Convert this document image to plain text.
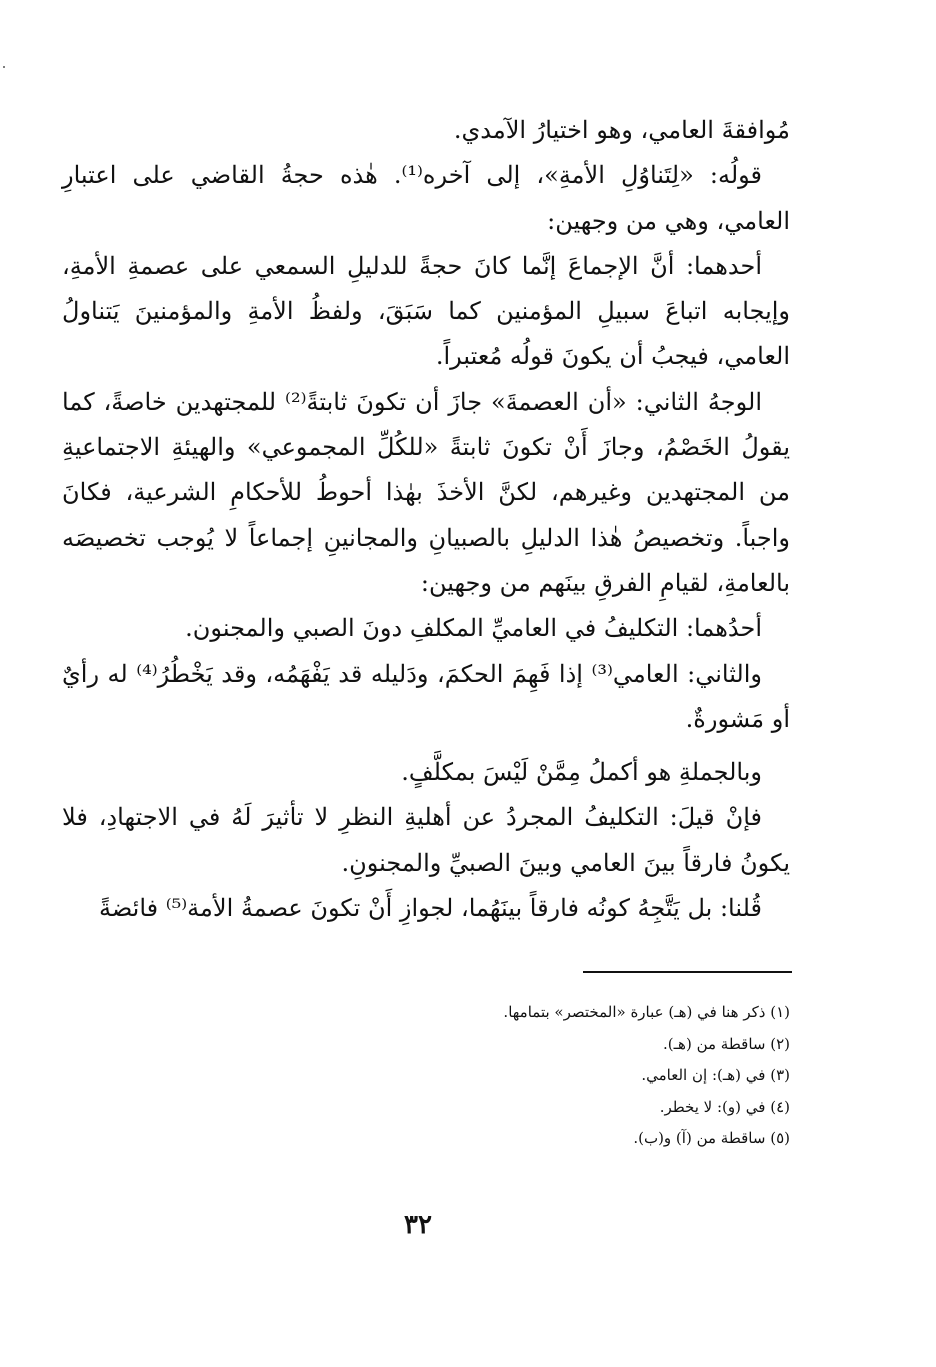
مُوافقةَ العامي، وهو اختيارُ الآمدي.

قولُه: «لِتَناوُلِ الأمةِ»، إلى آخره⁽¹⁾. هٰذه حجةُ القاضي على اعتبارِ العامي، وهي من وجهين:

أحدهما: أنَّ الإجماعَ إنَّما كانَ حجةً للدليلِ السمعي على عصمةِ الأمةِ، وإيجابه اتباعَ سبيلِ المؤمنين كما سَبَقَ، ولفظُ الأمةِ والمؤمنينَ يَتناولُ العامي، فيجبُ أن يكونَ قولُه مُعتبراً.

الوجهُ الثاني: «أن العصمةَ» جازَ أن تكونَ ثابتةً⁽²⁾ للمجتهدين خاصةً، كما يقولُ الخَصْمُ، وجازَ أَنْ تكونَ ثابتةً «للكُلِّ المجموعي» والهيئةِ الاجتماعيةِ من المجتهدين وغيرهم، لكنَّ الأخذَ بهٰذا أحوطُ للأحكامِ الشرعية، فكانَ واجباً. وتخصيصُ هٰذا الدليلِ بالصبيانِ والمجانينِ إجماعاً لا يُوجب تخصيصَه بالعامةِ، لقيامِ الفرقِ بينَهم من وجهين:

أحدُهما: التكليفُ في العاميِّ المكلفِ دونَ الصبي والمجنون.

والثاني: العامي⁽³⁾ إذا فَهِمَ الحكمَ، ودَليله قد يَفْهَمُه، وقد يَخْطُرُ⁽⁴⁾ له رأيٌ أو مَشورةٌ.

وبالجملةِ هو أكملُ مِمَّنْ لَيْسَ بمكلَّفٍ.

فإنْ قيلَ: التكليفُ المجردُ عن أهليةِ النظرِ لا تأثيرَ لَهُ في الاجتهادِ، فلا يكونُ فارقاً بينَ العامي وبينَ الصبيِّ والمجنونِ.

قُلنا: بل يَتَّجِهُ كونُه فارقاً بينَهُما، لجوازِ أَنْ تكونَ عصمةُ الأمة⁽⁵⁾ فائضةً

(١) ذكر هنا في (هـ) عبارة «المختصر» بتمامها.
(٢) ساقطة من (هـ).
(٣) في (هـ): إن العامي.
(٤) في (و): لا يخطر.
(٥) ساقطة من (آ) و(ب).
٣٢
